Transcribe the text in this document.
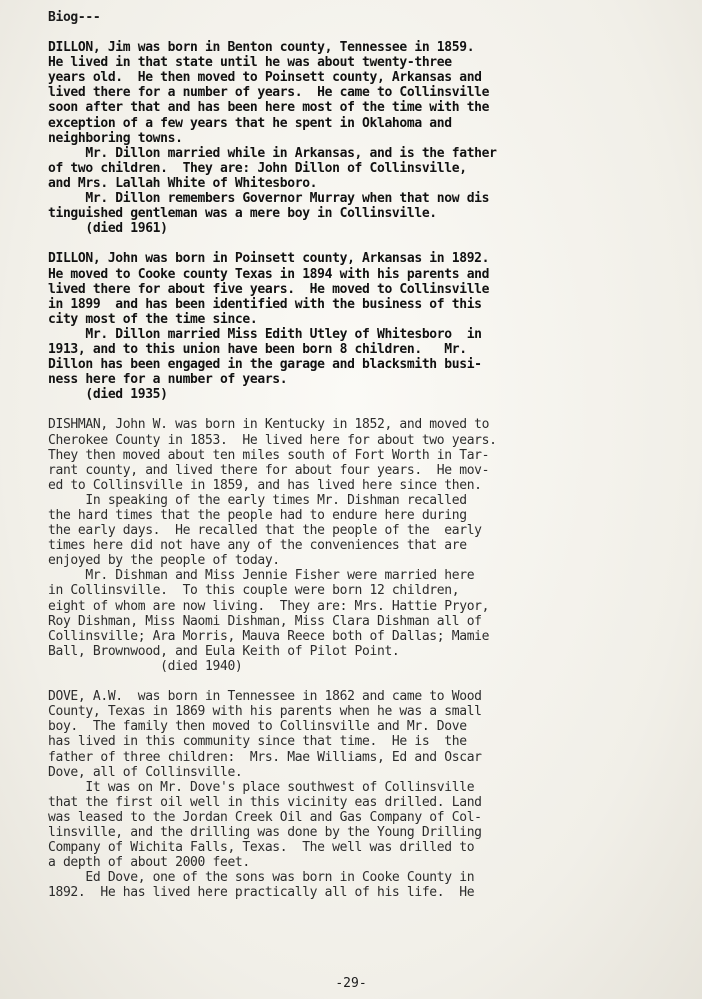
Biog---
DILLON, Jim was born in Benton county, Tennessee in 1859.
He lived in that state until he was about twenty-three
years old.  He then moved to Poinsett county, Arkansas and
lived there for a number of years.  He came to Collinsville
soon after that and has been here most of the time with the
exception of a few years that he spent in Oklahoma and
neighboring towns.
Mr. Dillon married while in Arkansas, and is the father
of two children.  They are: John Dillon of Collinsville,
and Mrs. Lallah White of Whitesboro.
Mr. Dillon remembers Governor Murray when that now dis
tinguished gentleman was a mere boy in Collinsville.
(died 1961)
DILLON, John was born in Poinsett county, Arkansas in 1892.
He moved to Cooke county Texas in 1894 with his parents and
lived there for about five years.  He moved to Collinsville
in 1899  and has been identified with the business of this
city most of the time since.
Mr. Dillon married Miss Edith Utley of Whitesboro  in
1913, and to this union have been born 8 children.   Mr.
Dillon has been engaged in the garage and blacksmith busi-
ness here for a number of years.
(died 1935)
DISHMAN, John W. was born in Kentucky in 1852, and moved to
Cherokee County in 1853.  He lived here for about two years.
They then moved about ten miles south of Fort Worth in Tar-
rant county, and lived there for about four years.  He mov-
ed to Collinsville in 1859, and has lived here since then.
In speaking of the early times Mr. Dishman recalled
the hard times that the people had to endure here during
the early days.  He recalled that the people of the  early
times here did not have any of the conveniences that are
enjoyed by the people of today.
Mr. Dishman and Miss Jennie Fisher were married here
in Collinsville.  To this couple were born 12 children,
eight of whom are now living.  They are: Mrs. Hattie Pryor,
Roy Dishman, Miss Naomi Dishman, Miss Clara Dishman all of
Collinsville; Ara Morris, Mauva Reece both of Dallas; Mamie
Ball, Brownwood, and Eula Keith of Pilot Point.
(died 1940)
DOVE, A.W.  was born in Tennessee in 1862 and came to Wood
County, Texas in 1869 with his parents when he was a small
boy.  The family then moved to Collinsville and Mr. Dove
has lived in this community since that time.  He is  the
father of three children:  Mrs. Mae Williams, Ed and Oscar
Dove, all of Collinsville.
It was on Mr. Dove's place southwest of Collinsville
that the first oil well in this vicinity eas drilled. Land
was leased to the Jordan Creek Oil and Gas Company of Col-
linsville, and the drilling was done by the Young Drilling
Company of Wichita Falls, Texas.  The well was drilled to
a depth of about 2000 feet.
Ed Dove, one of the sons was born in Cooke County in
1892.  He has lived here practically all of his life.  He
-29-
